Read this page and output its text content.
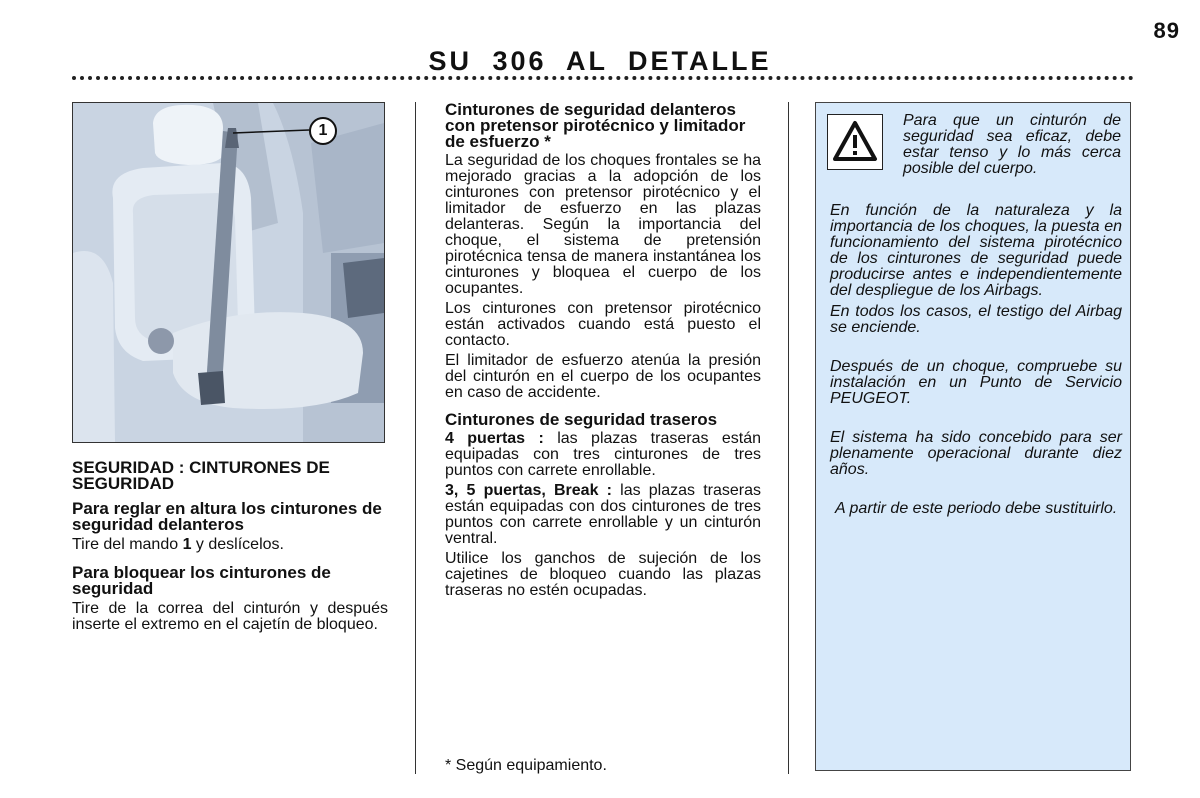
89
SU 306 AL DETALLE
1
SEGURIDAD : CINTURONES DE SEGURIDAD
Para reglar en altura los cinturones de seguridad delanteros

Tire del mando 1 y deslícelos.

Para bloquear los cinturones de seguridad

Tire de la correa del cinturón y después inserte el extremo en el cajetín de bloqueo.

Cinturones de seguridad delanteros con pretensor pirotécnico y limitador de esfuerzo *

La seguridad de los choques frontales se ha mejorado gracias a la adopción de los cinturones con pretensor pirotécnico y el limitador de esfuerzo en las plazas delanteras. Según la importancia del choque, el sistema de pretensión pirotécnica tensa de manera instantánea los cinturones y bloquea el cuerpo de los ocupantes.

Los cinturones con pretensor pirotécnico están activados cuando está puesto el contacto.

El limitador de esfuerzo atenúa la presión del cinturón en el cuerpo de los ocupantes en caso de accidente.

Cinturones de seguridad traseros

4 puertas : las plazas traseras están equipadas con tres cinturones de tres puntos con carrete enrollable.

3, 5 puertas, Break : las plazas traseras están equipadas con dos cinturones de tres puntos con carrete enrollable y un cinturón ventral.

Utilice los ganchos de sujeción de los cajetines de bloqueo cuando las plazas traseras no estén ocupadas.

* Según equipamiento.
Para que un cinturón de seguridad sea eficaz, debe estar tenso y lo más cerca posible del cuerpo.

En función de la naturaleza y la importancia de los choques, la puesta en funcionamiento del sistema pirotécnico de los cinturones de seguridad puede producirse antes e independientemente del despliegue de los Airbags.

En todos los casos, el testigo del Airbag se enciende.

Después de un choque, compruebe su instalación en un Punto de Servicio PEUGEOT.

El sistema ha sido concebido para ser plenamente operacional durante diez años.

A partir de este periodo debe sustituirlo.
